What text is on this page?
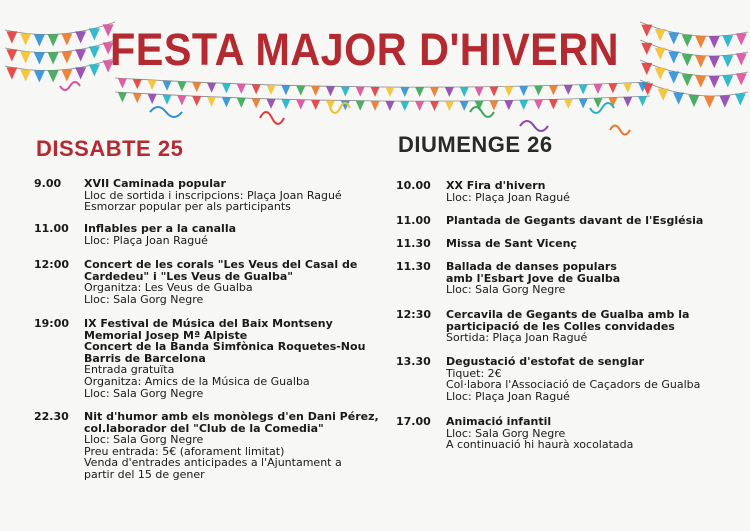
FESTA MAJOR D'HIVERN
DISSABTE 25	DIUMENGE 26
9.00 XVII Caminada popular
Lloc de sortida i inscripcions: Plaça Joan Ragué
Esmorzar popular per als participants
11.00 Inflables per a la canalla
Lloc: Plaça Joan Ragué
12:00 Concert de les corals "Les Veus del Casal de
Cardedeu" i "Les Veus de Gualba"
Organitza: Les Veus de Gualba
Lloc: Sala Gorg Negre
19:00 IX Festival de Música del Baix Montseny
Memorial Josep Mª Alpiste
Concert de la Banda Simfònica Roquetes-Nou
Barris de Barcelona
Entrada gratuïta
Organitza: Amics de la Música de Gualba
Lloc: Sala Gorg Negre
22.30 Nit d'humor amb els monòlegs d'en Dani Pérez,
col.laborador del "Club de la Comedia"
Lloc: Sala Gorg Negre
Preu entrada: 5€ (aforament limitat)
Venda d'entrades anticipades a l'Ajuntament a
partir del 15 de gener
10.00 XX Fira d'hivern
Lloc: Plaça Joan Ragué
11.00 Plantada de Gegants davant de l'Església
11.30 Missa de Sant Vicenç
11.30 Ballada de danses populars
amb l'Esbart Jove de Gualba
Lloc: Sala Gorg Negre
12:30 Cercavila de Gegants de Gualba amb la
participació de les Colles convidades
Sortida: Plaça Joan Ragué
13.30 Degustació d'estofat de senglar
Tiquet: 2€
Col·labora l'Associació de Caçadors de Gualba
Lloc: Plaça Joan Ragué
17.00 Animació infantil
Lloc: Sala Gorg Negre
A continuació hi haurà xocolatada
